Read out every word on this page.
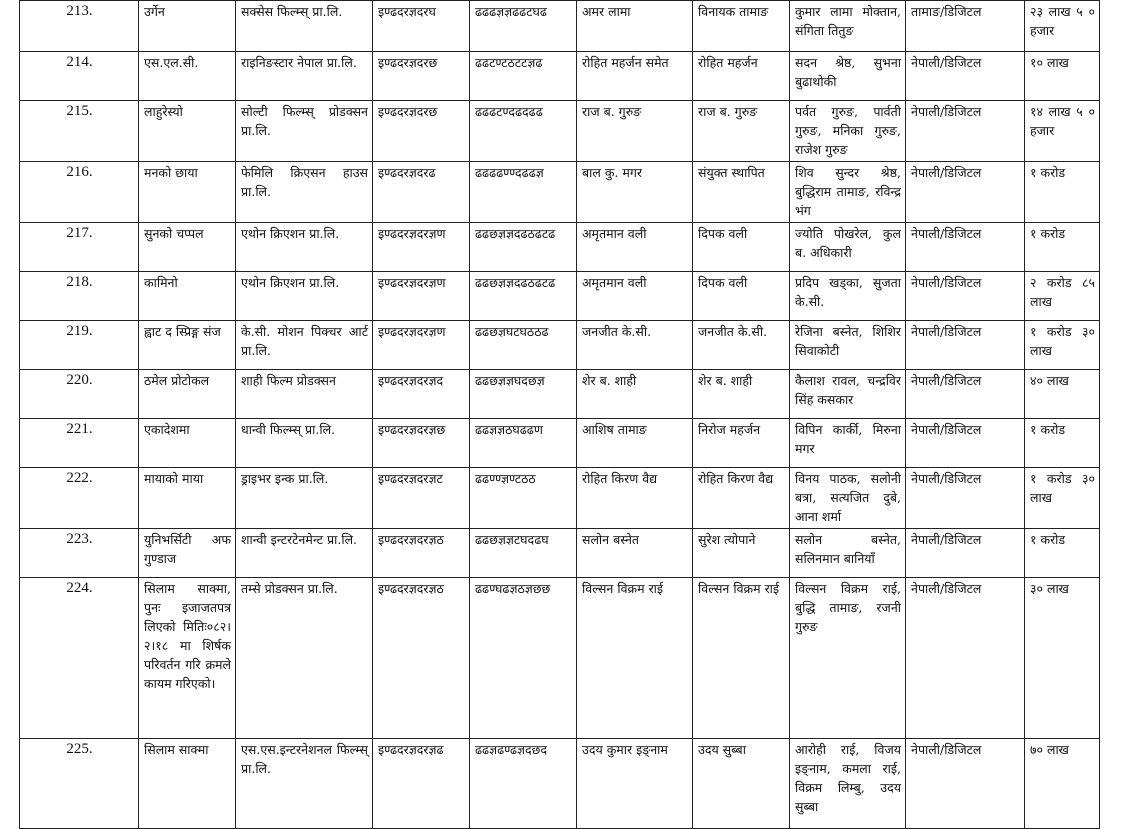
213.	उर्गेन	सक्सेस फिल्म्स् प्रा.लि.	इण्ढदरज्ञदरघ	ढढढज्ञज्ञढढटघढ	अमर लामा	विनायक तामाङ	कुमार लामा मोक्तान, संगिता तितुङ	तामाङ/डिजिटल	२३ लाख ५ ० हजार
214.	एस.एल.सी.	राइनिङस्टार नेपाल प्रा.लि.	इण्ढदरज्ञदरछ	ढढटण्टठटटज्ञढ	रोहित महर्जन समेत	रोहित महर्जन	सदन श्रेष्ठ, सुभना बुढाथोकी	नेपाली/डिजिटल	१० लाख
215.	लाहुरेस्यो	सोल्टी फिल्म्स् प्रोडक्सन प्रा.लि.	इण्ढदरज्ञदरछ	ढढढटण्दढदढढ	राज ब. गुरुङ	राज ब. गुरुङ	पर्वत गुरुङ, पार्वती गुरुङ, मनिका गुरुङ, राजेश गुरुङ	नेपाली/डिजिटल	१४ लाख ५ ० हजार
216.	मनको छाया	फेमिलि क्रिएसन हाउस प्रा.लि.	इण्ढदरज्ञदरढ	ढढढढण्ण्दढढज्ञ	बाल कु. मगर	संयुक्त स्थापित	शिव सुन्दर श्रेष्ठ, बुद्धिराम तामाङ, रविन्द्र भंग	नेपाली/डिजिटल	१ करोड
217.	सुनको चप्पल	एथोन क्रिएशन प्रा.लि.	इण्ढदरज्ञदरज्ञण	ढढछज्ञज्ञदढठढटढ	अमृतमान वली	दिपक वली	ज्योति पोखरेल, कुल ब. अधिकारी	नेपाली/डिजिटल	१ करोड
218.	कामिनो	एथोन क्रिएशन प्रा.लि.	इण्ढदरज्ञदरज्ञण	ढढछज्ञज्ञदढठढटढ	अमृतमान वली	दिपक वली	प्रदिप खड्का, सुजता के.सी.	नेपाली/डिजिटल	२ करोड ८५ लाख
219.	ह्वाट द स्प्रिङ्ग संज	के.सी. मोशन पिक्चर आर्ट प्रा.लि.	इण्ढदरज्ञदरज्ञण	ढढछज्ञघटघठठढ	जनजीत के.सी.	जनजीत के.सी.	रेजिना बस्नेत, शिशिर सिवाकोटी	नेपाली/डिजिटल	१ करोड ३० लाख
220.	ठमेल प्रोटोकल	शाही फिल्म प्रोडक्सन	इण्ढदरज्ञदरज्ञद	ढढछज्ञज्ञघदछज्ञ	शेर ब. शाही	शेर ब. शाही	कैलाश रावल, चन्द्रविर सिंह कसकार	नेपाली/डिजिटल	४० लाख
221.	एकादेशमा	धान्वी फिल्म्स् प्रा.लि.	इण्ढदरज्ञदरज्ञछ	ढढज्ञज्ञठघढढण	आशिष तामाङ	निरोज महर्जन	विपिन कार्की, मिरुना मगर	नेपाली/डिजिटल	१ करोड
222.	मायाको माया	ड्राइभर इन्क प्रा.लि.	इण्ढदरज्ञदरज्ञट	ढढण्ण्ज्ञण्टठठ	रोहित किरण वैद्य	रोहित किरण वैद्य	विनय पाठक, सलोनी बत्रा, सत्यजित दुबे, आना शर्मा	नेपाली/डिजिटल	१ करोड ३० लाख
223.	युनिभर्सिटी अफ गुण्डाज	शान्वी इन्टरटेनमेन्ट प्रा.लि.	इण्ढदरज्ञदरज्ञठ	ढढछज्ञज्ञटघदढघ	सलोन बस्नेत	सुरेश त्योपाने	सलोन बस्नेत, सलिनमान बानियाँ	नेपाली/डिजिटल	१ करोड
224.	सिलाम साक्मा, पुनः इजाजतपत्र लिएको मितिः०८२।२।१८ मा शिर्षक परिवर्तन गरि क्रमले कायम गरिएको।	तम्से प्रोडक्सन प्रा.लि.	इण्ढदरज्ञदरज्ञठ	ढढण्घढज्ञठज्ञछछ	विल्सन विक्रम राई	विल्सन विक्रम राई	विल्सन विक्रम राई, बुद्धि तामाङ, रजनी गुरुङ	नेपाली/डिजिटल	३० लाख
225.	सिलाम साक्मा	एस.एस.इन्टरनेशनल फिल्म्स् प्रा.लि.	इण्ढदरज्ञदरज्ञढ	ढढज्ञढण्ढज्ञदछद	उदय कुमार इङ्नाम	उदय सुब्बा	आरोही राई, विजय इङ्नाम, कमला राई, विक्रम लिम्बु, उदय सुब्बा	नेपाली/डिजिटल	७० लाख
